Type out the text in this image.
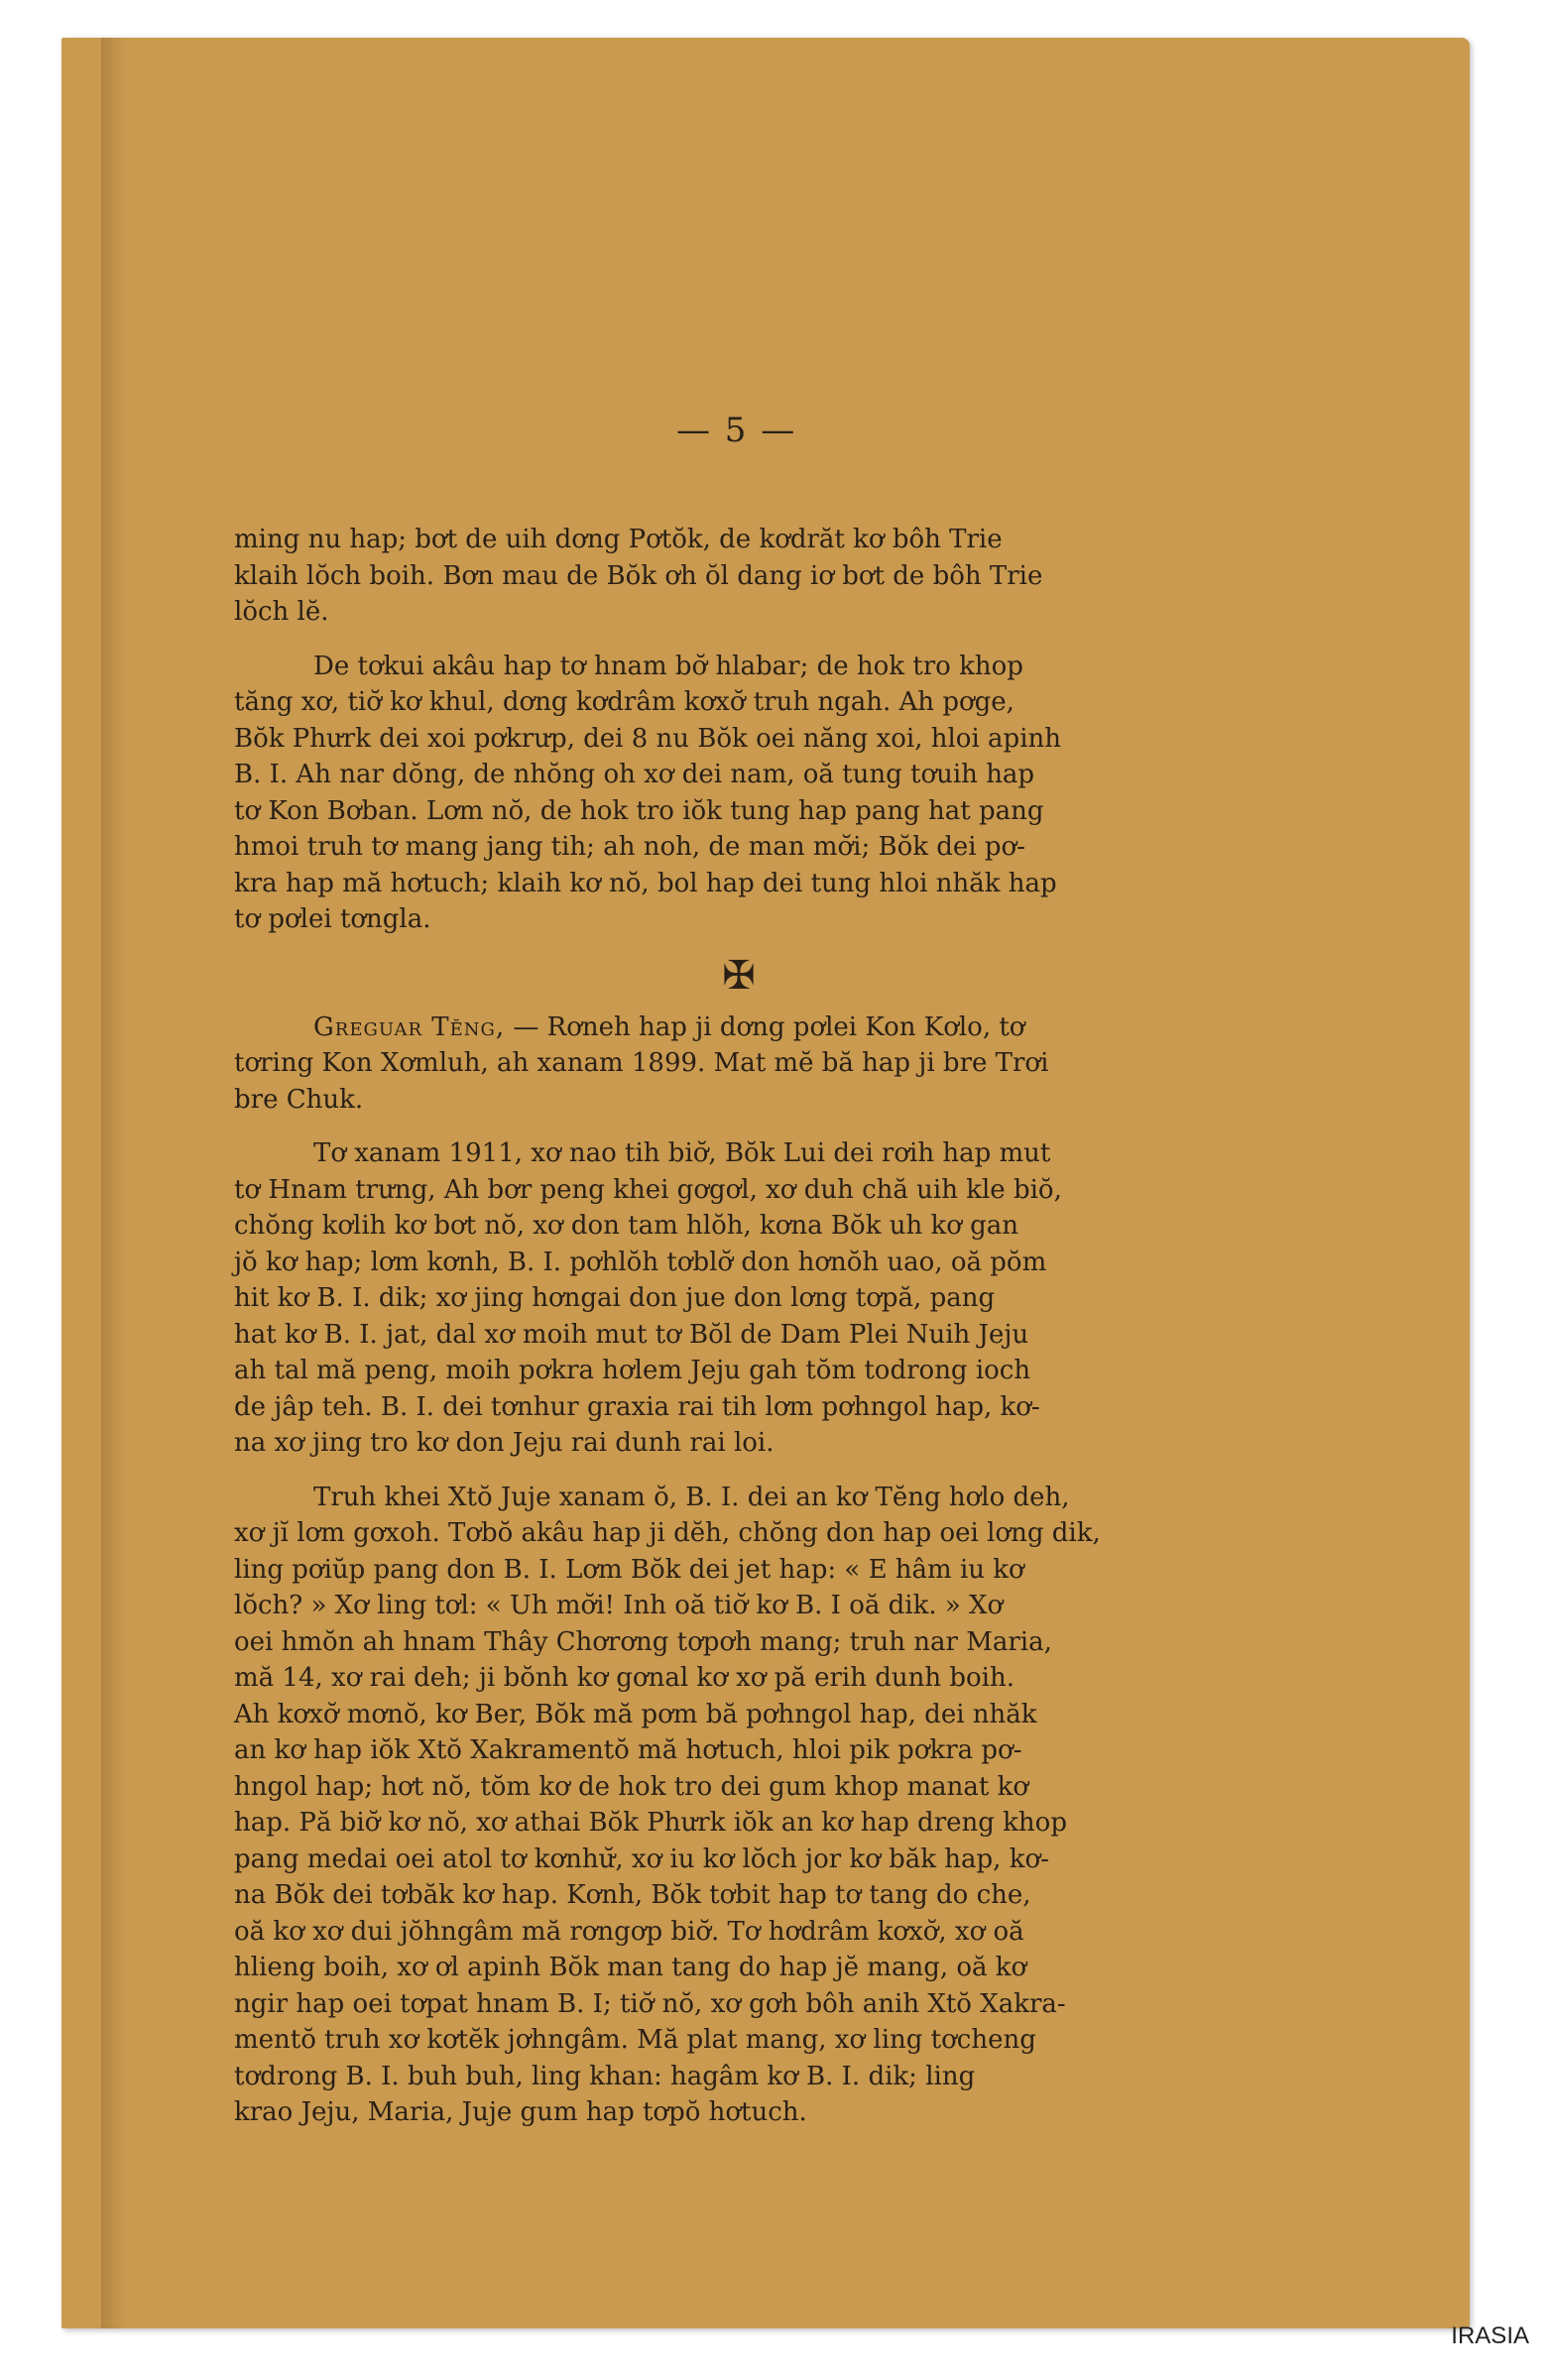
— 5 —

ming nu hap; bơt de uih dơng Pơtŏk, de kơdrăt kơ bôh Trie
klaih lŏch boih. Bơn mau de Bŏk ơh ŏl dang iơ bơt de bôh Trie
lŏch lĕ.

De tơkui akâu hap tơ hnam bơ̆ hlabar; de hok tro khop
tăng xơ, tiơ̆ kơ khul, dơng kơdrâm kơxơ̆ truh ngah. Ah pơge,
Bŏk Phưrk dei xoi pơkrưp, dei 8 nu Bŏk oei năng xoi, hloi apinh
B. I. Ah nar dŏng, de nhŏng oh xơ dei nam, oă tung tơuih hap
tơ Kon Bơban. Lơm nŏ, de hok tro iŏk tung hap pang hat pang
hmoi truh tơ mang jang tih; ah noh, de man mơ̆i; Bŏk dei pơ-
kra hap mă hơtuch; klaih kơ nŏ, bol hap dei tung hloi nhăk hap
tơ pơlei tơngla.

✠

Greguar Tĕng, — Rơneh hap ji dơng pơlei Kon Kơlo, tơ
tơring Kon Xơmluh, ah xanam 1899. Mat mĕ bă hap ji bre Trơi
bre Chuk.

Tơ xanam 1911, xơ nao tih biơ̆, Bŏk Lui dei rơih hap mut
tơ Hnam trưng, Ah bơr peng khei gơgơl, xơ duh chă uih kle biŏ,
chŏng kơlih kơ bơt nŏ, xơ don tam hlŏh, kơna Bŏk uh kơ gan
jŏ kơ hap; lơm kơnh, B. I. pơhlŏh tơblơ̆ don hơnŏh uao, oă pŏm
hit kơ B. I. dik; xơ jing hơngai don jue don lơng tơpă, pang
hat kơ B. I. jat, dal xơ moih mut tơ Bŏl de Dam Plei Nuih Jeju
ah tal mă peng, moih pơkra hơlem Jeju gah tŏm todrong ioch
de jâp teh. B. I. dei tơnhur graxia rai tih lơm pơhngol hap, kơ-
na xơ jing tro kơ don Jeju rai dunh rai loi.

Truh khei Xtŏ Juje xanam ŏ, B. I. dei an kơ Tĕng hơlo deh,
xơ jĭ lơm gơxoh. Tơbŏ akâu hap ji dĕh, chŏng don hap oei lơng dik,
ling pơiŭp pang don B. I. Lơm Bŏk dei jet hap: « E hâm iu kơ
lŏch? » Xơ ling tơl: « Uh mơ̆i! Inh oă tiơ̆ kơ B. I oă dik. » Xơ
oei hmŏn ah hnam Thây Chơrơng tơpơh mang; truh nar Maria,
mă 14, xơ rai deh; ji bŏnh kơ gơnal kơ xơ pă erih dunh boih.
Ah kơxơ̆ mơnŏ, kơ Ber, Bŏk mă pơm bă pơhngol hap, dei nhăk
an kơ hap iŏk Xtŏ Xakramentŏ mă hơtuch, hloi pik pơkra pơ-
hngol hap; hơt nŏ, tŏm kơ de hok tro dei gum khop manat kơ
hap. Pă biơ̆ kơ nŏ, xơ athai Bŏk Phưrk iŏk an kơ hap dreng khop
pang medai oei atol tơ kơnhư̆, xơ iu kơ lŏch jor kơ băk hap, kơ-
na Bŏk dei tơbăk kơ hap. Kơnh, Bŏk tơbit hap tơ tang do che,
oă kơ xơ dui jŏhngâm mă rơngơp biơ̆. Tơ hơdrâm kơxơ̆, xơ oă
hlieng boih, xơ ơl apinh Bŏk man tang do hap jĕ mang, oă kơ
ngir hap oei tơpat hnam B. I; tiơ̆ nŏ, xơ gơh bôh anih Xtŏ Xakra-
mentŏ truh xơ kơtĕk jơhngâm. Mă plat mang, xơ ling tơcheng
tơdrong B. I. buh buh, ling khan: hagâm kơ B. I. dik; ling
krao Jeju, Maria, Juje gum hap tơpŏ hơtuch.

IRASIA
